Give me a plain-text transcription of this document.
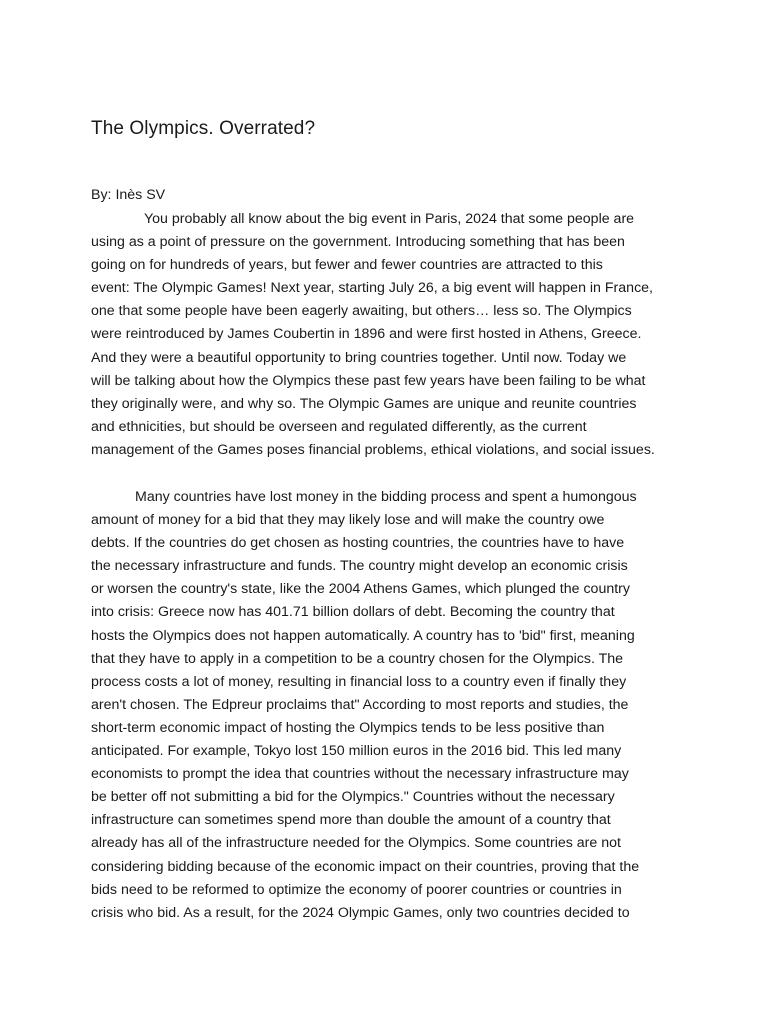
The Olympics. Overrated?

By: Inès SV

You probably all know about the big event in Paris, 2024 that some people are
using as a point of pressure on the government. Introducing something that has been
going on for hundreds of years, but fewer and fewer countries are attracted to this
event: The Olympic Games! Next year, starting July 26, a big event will happen in France,
one that some people have been eagerly awaiting, but others… less so. The Olympics
were reintroduced by James Coubertin in 1896 and were first hosted in Athens, Greece.
And they were a beautiful opportunity to bring countries together. Until now. Today we
will be talking about how the Olympics these past few years have been failing to be what
they originally were, and why so. The Olympic Games are unique and reunite countries
and ethnicities, but should be overseen and regulated differently, as the current
management of the Games poses financial problems, ethical violations, and social issues.
Many countries have lost money in the bidding process and spent a humongous
amount of money for a bid that they may likely lose and will make the country owe
debts. If the countries do get chosen as hosting countries, the countries have to have
the necessary infrastructure and funds. The country might develop an economic crisis
or worsen the country's state, like the 2004 Athens Games, which plunged the country
into crisis: Greece now has 401.71 billion dollars of debt. Becoming the country that
hosts the Olympics does not happen automatically. A country has to 'bid" first, meaning
that they have to apply in a competition to be a country chosen for the Olympics. The
process costs a lot of money, resulting in financial loss to a country even if finally they
aren't chosen. The Edpreur proclaims that" According to most reports and studies, the
short-term economic impact of hosting the Olympics tends to be less positive than
anticipated. For example, Tokyo lost 150 million euros in the 2016 bid. This led many
economists to prompt the idea that countries without the necessary infrastructure may
be better off not submitting a bid for the Olympics." Countries without the necessary
infrastructure can sometimes spend more than double the amount of a country that
already has all of the infrastructure needed for the Olympics. Some countries are not
considering bidding because of the economic impact on their countries, proving that the
bids need to be reformed to optimize the economy of poorer countries or countries in
crisis who bid. As a result, for the 2024 Olympic Games, only two countries decided to
